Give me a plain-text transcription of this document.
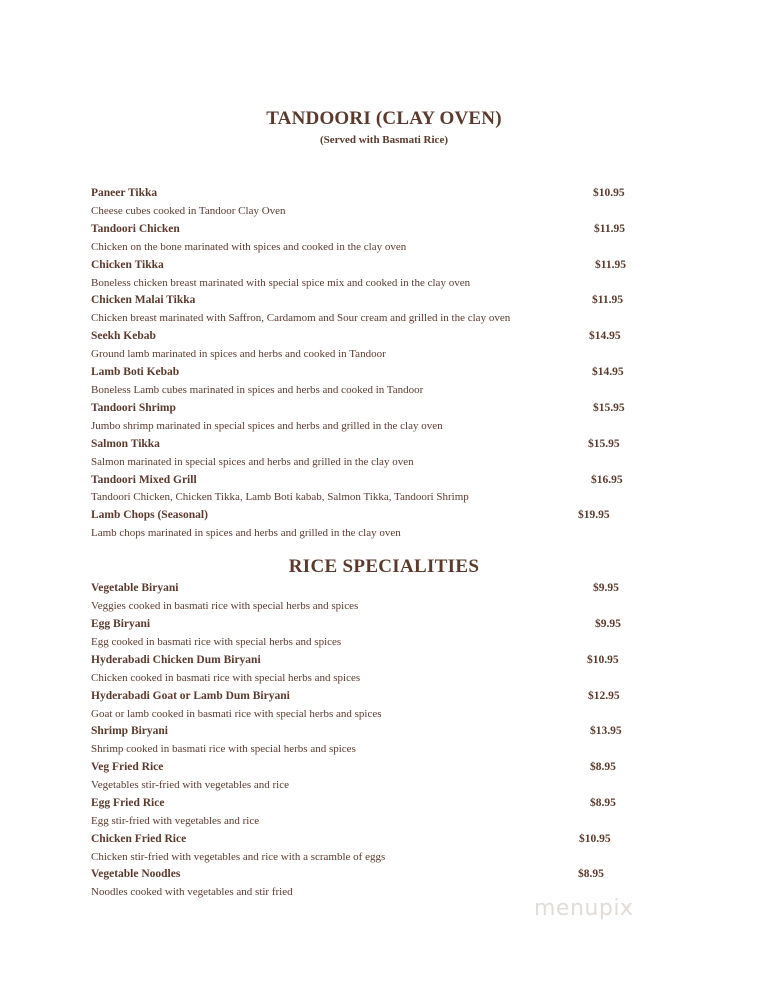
TANDOORI (CLAY OVEN)
(Served with Basmati Rice)
Paneer Tikka	$10.95
Cheese cubes cooked in Tandoor Clay Oven
Tandoori Chicken	$11.95
Chicken on the bone marinated with spices and cooked in the clay oven
Chicken Tikka	$11.95
Boneless chicken breast marinated with special spice mix and cooked in the clay oven
Chicken Malai Tikka	$11.95
Chicken breast marinated with Saffron, Cardamom and Sour cream and grilled in the clay oven
Seekh Kebab	$14.95
Ground lamb marinated in spices and herbs and cooked in Tandoor
Lamb Boti Kebab	$14.95
Boneless Lamb cubes marinated in spices and herbs and cooked in Tandoor
Tandoori Shrimp	$15.95
Jumbo shrimp marinated in special spices and herbs and grilled in the clay oven
Salmon Tikka	$15.95
Salmon marinated in special spices and herbs and grilled in the clay oven
Tandoori Mixed Grill	$16.95
Tandoori Chicken, Chicken Tikka, Lamb Boti kabab, Salmon Tikka, Tandoori Shrimp
Lamb Chops (Seasonal)	$19.95
Lamb chops marinated in spices and herbs and grilled in the clay oven
RICE SPECIALITIES
Vegetable Biryani	$9.95
Veggies cooked in basmati rice with special herbs and spices
Egg Biryani	$9.95
Egg cooked in basmati rice with special herbs and spices
Hyderabadi Chicken Dum Biryani	$10.95
Chicken cooked in basmati rice with special herbs and spices
Hyderabadi Goat or Lamb Dum Biryani	$12.95
Goat or lamb cooked in basmati rice with special herbs and spices
Shrimp Biryani	$13.95
Shrimp cooked in basmati rice with special herbs and spices
Veg Fried Rice	$8.95
Vegetables stir-fried with vegetables and rice
Egg Fried Rice	$8.95
Egg stir-fried with vegetables and rice
Chicken Fried Rice	$10.95
Chicken stir-fried with vegetables and rice with a scramble of eggs
Vegetable Noodles	$8.95
Noodles cooked with vegetables and stir fried
menupix
